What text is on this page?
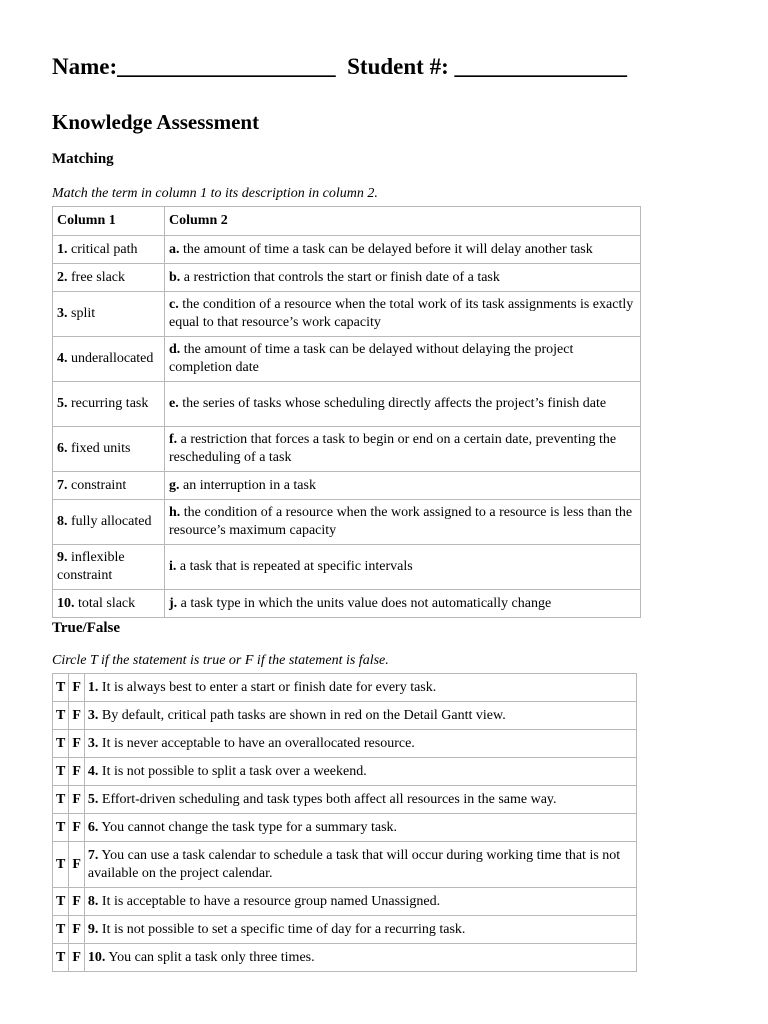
Name:___________________ Student #: _______________
Knowledge Assessment
Matching

Match the term in column 1 to its description in column 2.

Column 1	Column 2
1. critical path	a. the amount of time a task can be delayed before it will delay another task
2. free slack	b. a restriction that controls the start or finish date of a task
3. split	c. the condition of a resource when the total work of its task assignments is exactly equal to that resource’s work capacity
4. underallocated	d. the amount of time a task can be delayed without delaying the project completion date
5. recurring task	e. the series of tasks whose scheduling directly affects the project’s finish date
6. fixed units	f. a restriction that forces a task to begin or end on a certain date, preventing the rescheduling of a task
7. constraint	g. an interruption in a task
8. fully allocated	h. the condition of a resource when the work assigned to a resource is less than the resource’s maximum capacity
9. inflexible constraint	i. a task that is repeated at specific intervals
10. total slack	j. a task type in which the units value does not automatically change
True/False

Circle T if the statement is true or F if the statement is false.

T	F	1. It is always best to enter a start or finish date for every task.
T	F	3. By default, critical path tasks are shown in red on the Detail Gantt view.
T	F	3. It is never acceptable to have an overallocated resource.
T	F	4. It is not possible to split a task over a weekend.
T	F	5. Effort-driven scheduling and task types both affect all resources in the same way.
T	F	6. You cannot change the task type for a summary task.
T	F	7. You can use a task calendar to schedule a task that will occur during working time that is not available on the project calendar.
T	F	8. It is acceptable to have a resource group named Unassigned.
T	F	9. It is not possible to set a specific time of day for a recurring task.
T	F	10. You can split a task only three times.
